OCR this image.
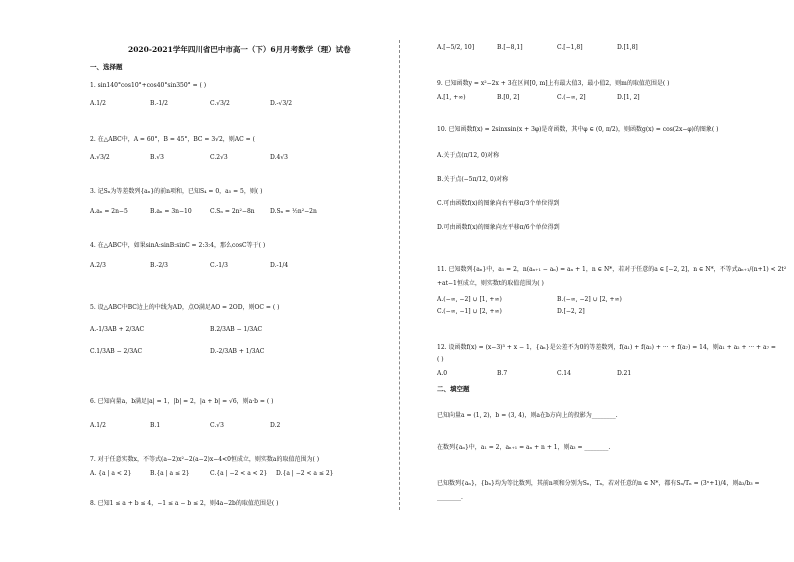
2020-2021学年四川省巴中市高一（下）6月月考数学（理）试卷
一、选择题
1. sin140°cos10°+cos40°sin350° = ( )
A.1/2	B.-1/2	C.√3/2	D.-√3/2
2. 在△ABC中，A = 60°，B = 45°，BC = 3√2，则AC = (
A.√3/2	B.√3	C.2√3	D.4√3
3. 记Sₙ为等差数列{aₙ}的前n项和，已知S₄ = 0，a₅ = 5，则( )
A.aₙ = 2n−5	B.aₙ = 3n−10	C.Sₙ = 2n²−8n	D.Sₙ = ½n²−2n
4. 在△ABC中，如果sinA:sinB:sinC = 2:3:4，那么cosC等于( )
A.2/3	B.-2/3	C.-1/3	D.-1/4
5. 设△ABC中BC边上的中线为AD，点O满足AO = 2OD，则OC = ( )
A.-1/3AB + 2/3AC	B.2/3AB − 1/3AC
C.1/3AB − 2/3AC	D.-2/3AB + 1/3AC
6. 已知向量a，b满足|a| = 1，|b| = 2，|a + b| = √6，则a·b = ( )
A.1/2	B.1	C.√3	D.2
7. 对于任意实数x，不等式(a−2)x²−2(a−2)x−4<0恒成立，则实数a的取值范围为( )
A. {a | a < 2}	B.{a | a ≤ 2}	C.{a | −2 < a < 2} D.{a | −2 < a ≤ 2}
8. 已知1 ≤ a + b ≤ 4，−1 ≤ a − b ≤ 2，则4a−2b的取值范围是( )
A.[−5/2, 10]	B.[−8,1]	C.[−1,8]	D.[1,8]
9. 已知函数y = x²−2x + 3在区间[0, m]上有最大值3，最小值2，则m的取值范围是( )
A.[1, +∞)	B.[0, 2]	C.(−∞, 2]	D.[1, 2]
10. 已知函数f(x) = 2sinxsin(x + 3φ)是奇函数，其中φ ∈ (0, π/2)，则函数g(x) = cos(2x−φ)的图象( )
A.关于点(π/12, 0)对称
B.关于点(−5π/12, 0)对称
C.可由函数f(x)的图象向右平移π/3个单位得到
D.可由函数f(x)的图象向左平移π/6个单位得到
11. 已知数列{aₙ}中，a₁ = 2，n(aₙ₊₁ − aₙ) = aₙ + 1，n ∈ N*，若对于任意的a ∈ [−2, 2]，n ∈ N*，不等式aₙ₊₁/(n+1) < 2t²
+at−1恒成立，则实数t的取值范围为( )
A.(−∞, −2] ∪ [1, +∞)	B.(−∞, −2] ∪ [2, +∞)
C.(−∞, −1] ∪ [2, +∞)	D.[−2, 2]
12. 设函数f(x) = (x−3)³ + x − 1，{aₙ}是公差不为0的等差数列，f(a₁) + f(a₂) + ··· + f(a₇) = 14，则a₁ + a₂ + ··· + a₇ =
( )
A.0	B.7	C.14	D.21
二、填空题
已知向量a = (1, 2)，b = (3, 4)，则a在b方向上的投影为________.
在数列{aₙ}中，a₁ = 2，aₙ₊₁ = aₙ + n + 1，则a₃ = ________.
已知数列{aₙ}，{bₙ}均为等比数列，其前n项和分别为Sₙ，Tₙ，若对任意的n ∈ N*，都有Sₙ/Tₙ = (3ⁿ+1)/4，则a₃/b₃ =
________.
